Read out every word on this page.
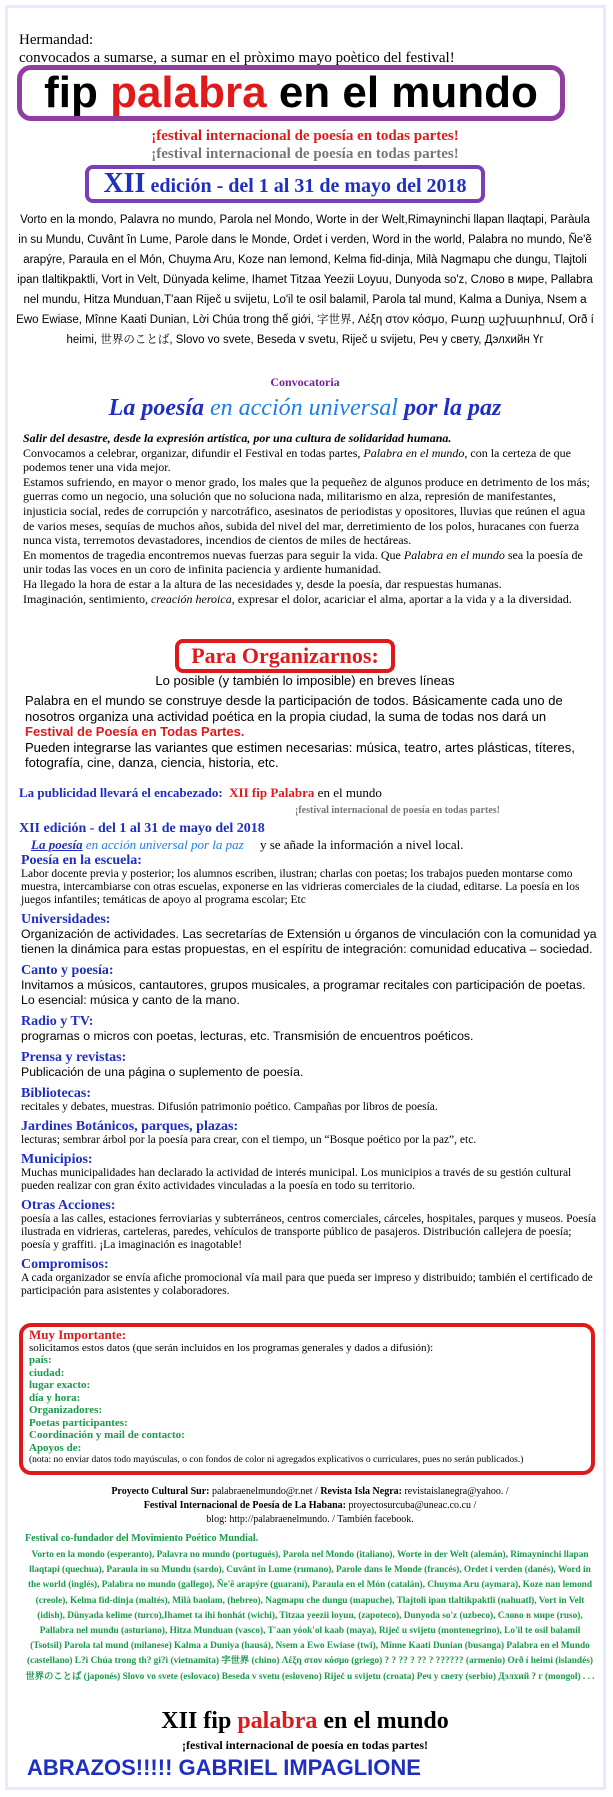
Hermandad:
convocados a sumarse, a sumar en el pròximo mayo poètico del festival!
fip palabra en el mundo
¡festival internacional de poesía en todas partes!
¡festival internacional de poesía en todas partes!
XII edición - del 1 al 31 de mayo del 2018
Vorto en la mondo, Palavra no mundo, Parola nel Mondo, Worte in der Welt,Rimayninchi llapan llaqtapi, Paràula in su Mundu, Cuvânt în Lume, Parole dans le Monde, Ordet i verden, Word in the world, Palabra no mundo, Ñe'ẽ arapýre, Paraula en el Món, Chuyma Aru, Koze nan lemond, Kelma fid-dinja, Milà Nagmapu che dungu, Tlajtoli ipan tlaltikpaktli, Vort in Velt, Dünyada kelime, Ihamet Titzaa Yeezii Loyuu, Dunyoda so'z, Слово в мире, Pallabra nel mundu, Hitza Munduan,T'aan Riječ u svijetu, Lo'il te osil balamil, Parola tal mund, Kalma a Duniya, Nsem a Ewo Ewiase, Mînne Kaati Dunian, Lời Chúa trong thế giới, 字世界, Λέξη στον κόσμο, Բառը աշխարհում, Orð í heimi, 世界のことば, Slovo vo svete, Beseda v svetu, Riječ u svijetu, Реч у свету, Дэлхийн Үг
Convocatoria
La poesía en acción universal por la paz
Salir del desastre, desde la expresión artística, por una cultura de solidaridad humana.
Convocamos a celebrar, organizar, difundir el Festival en todas partes, Palabra en el mundo, con la certeza de que podemos tener una vida mejor.
Estamos sufriendo, en mayor o menor grado, los males que la pequeñez de algunos produce en detrimento de los más; guerras como un negocio, una solución que no soluciona nada, militarismo en alza, represión de manifestantes, injusticia social, redes de corrupción y narcotráfico, asesinatos de periodistas y opositores, lluvias que reúnen el agua de varios meses, sequías de muchos años, subida del nivel del mar, derretimiento de los polos, huracanes con fuerza nunca vista, terremotos devastadores, incendios de cientos de miles de hectáreas.
En momentos de tragedia encontremos nuevas fuerzas para seguir la vida. Que Palabra en el mundo sea la poesía de unir todas las voces en un coro de infinita paciencia y ardiente humanidad.
Ha llegado la hora de estar a la altura de las necesidades y, desde la poesía, dar respuestas humanas.
Imaginación, sentimiento, creación heroica, expresar el dolor, acariciar el alma, aportar a la vida y a la diversidad.
Para Organizarnos:
Lo posible (y también lo imposible) en breves líneas
Palabra en el mundo se construye desde la participación de todos. Básicamente cada uno de nosotros organiza una actividad poética en la propia ciudad, la suma de todas nos dará un Festival de Poesía en Todas Partes.
Pueden integrarse las variantes que estimen necesarias: música, teatro, artes plásticas, títeres, fotografía, cine, danza, ciencia, historia, etc.
La publicidad llevará el encabezado: XII fip Palabra en el mundo
¡festival internacional de poesía en todas partes!
XII edición - del 1 al 31 de mayo del 2018
La poesía en acción universal por la paz y se añade la información a nivel local.
Poesía en la escuela:
Labor docente previa y posterior; los alumnos escriben, ilustran; charlas con poetas; los trabajos pueden montarse como muestra, intercambiarse con otras escuelas, exponerse en las vidrieras comerciales de la ciudad, editarse. La poesía en los juegos infantiles; temáticas de apoyo al programa escolar; Etc
Universidades:
Organización de actividades. Las secretarías de Extensión u órganos de vinculación con la comunidad ya tienen la dinámica para estas propuestas, en el espíritu de integración: comunidad educativa – sociedad.
Canto y poesía:
Invitamos a músicos, cantautores, grupos musicales, a programar recitales con participación de poetas. Lo esencial: música y canto de la mano.
Radio y TV:
programas o micros con poetas, lecturas, etc. Transmisión de encuentros poéticos.
Prensa y revistas:
Publicación de una página o suplemento de poesía.
Bibliotecas:
recitales y debates, muestras. Difusión patrimonio poético. Campañas por libros de poesía.
Jardines Botánicos, parques, plazas:
lecturas; sembrar árbol por la poesía para crear, con el tiempo, un “Bosque poético por la paz”, etc.
Municipios:
Muchas municipalidades han declarado la actividad de interés municipal. Los municipios a través de su gestión cultural pueden realizar con gran éxito actividades vinculadas a la poesía en todo su territorio.
Otras Acciones:
poesía a las calles, estaciones ferroviarias y subterráneos, centros comerciales, cárceles, hospitales, parques y museos. Poesía ilustrada en vidrieras, carteleras, paredes, vehículos de transporte público de pasajeros. Distribución callejera de poesía; poesía y graffiti. ¡La imaginación es inagotable!
Compromisos:
A cada organizador se envía afiche promocional vía mail para que pueda ser impreso y distribuido; también el certificado de participación para asistentes y colaboradores.
Muy Importante:
solicitamos estos datos (que serán incluidos en los programas generales y dados a difusión):
país:
ciudad:
lugar exacto:
día y hora:
Organizadores:
Poetas participantes:
Coordinación y mail de contacto:
Apoyos de:
(nota: no enviar datos todo mayúsculas, o con fondos de color ni agregados explicativos o curriculares, pues no serán publicados.)
Proyecto Cultural Sur: palabraenelmundo@r.net / Revista Isla Negra: revistaislanegra@yahoo. /
Festival Internacional de Poesía de La Habana: proyectosurcuba@uneac.co.cu /
blog: http://palabraenelmundo. / También facebook.
Festival co-fundador del Movimiento Poético Mundial.
Vorto en la mondo (esperanto), Palavra no mundo (portugués), Parola nel Mondo (italiano), Worte in der Welt (alemán), Rimayninchi llapan llaqtapi (quechua), Paraula in su Mundu (sardo), Cuvânt în Lume (rumano), Parole dans le Monde (francés), Ordet i verden (danés), Word in the world (inglés), Palabra no mundo (gallego), Ñe'ẽ arapýre (guaraní), Paraula en el Món (catalán), Chuyma Aru (aymara), Koze nan lemond (creole), Kelma fid-dinja (maltés), Milà baolam, (hebreo), Nagmapu che dungu (mapuche), Tlajtoli ipan tlaltikpaktli (nahuatl), Vort in Velt (idish), Dünyada kelime (turco),Ihamet ta ihi honhát (wichi), Titzaa yeezii loyuu, (zapoteco), Dunyoda so'z (uzbeco), Слово в мире (ruso), Pallabra nel mundu (asturiano), Hitza Munduan (vasco), T'aan yóok'ol kaab (maya), Riječ u svijetu (montenegrino), Lo'il te osil balamil (Tsotsil) Parola tal mund (milanese) Kalma a Duniya (hausá), Nsem a Ewo Ewiase (twi), Mînne Kaati Dunian (busanga) Palabra en el Mundo (castellano) L?i Chúa trong th? gi?i (vietnamita) 字世界 (chino) Λέξη στον κόσμο (griego) ? ? ?? ? ?? ? ?????? (armenio) Orð í heimi (islandés) 世界のことば (japonés) Slovo vo svete (eslovaco) Beseda v svetu (esloveno) Riječ u svijetu (croata) Реч у свету (serbio) Дэлхий ? г (mongol) . . .
XII fip palabra en el mundo
¡festival internacional de poesía en todas partes!
ABRAZOS!!!!! GABRIEL IMPAGLIONE
